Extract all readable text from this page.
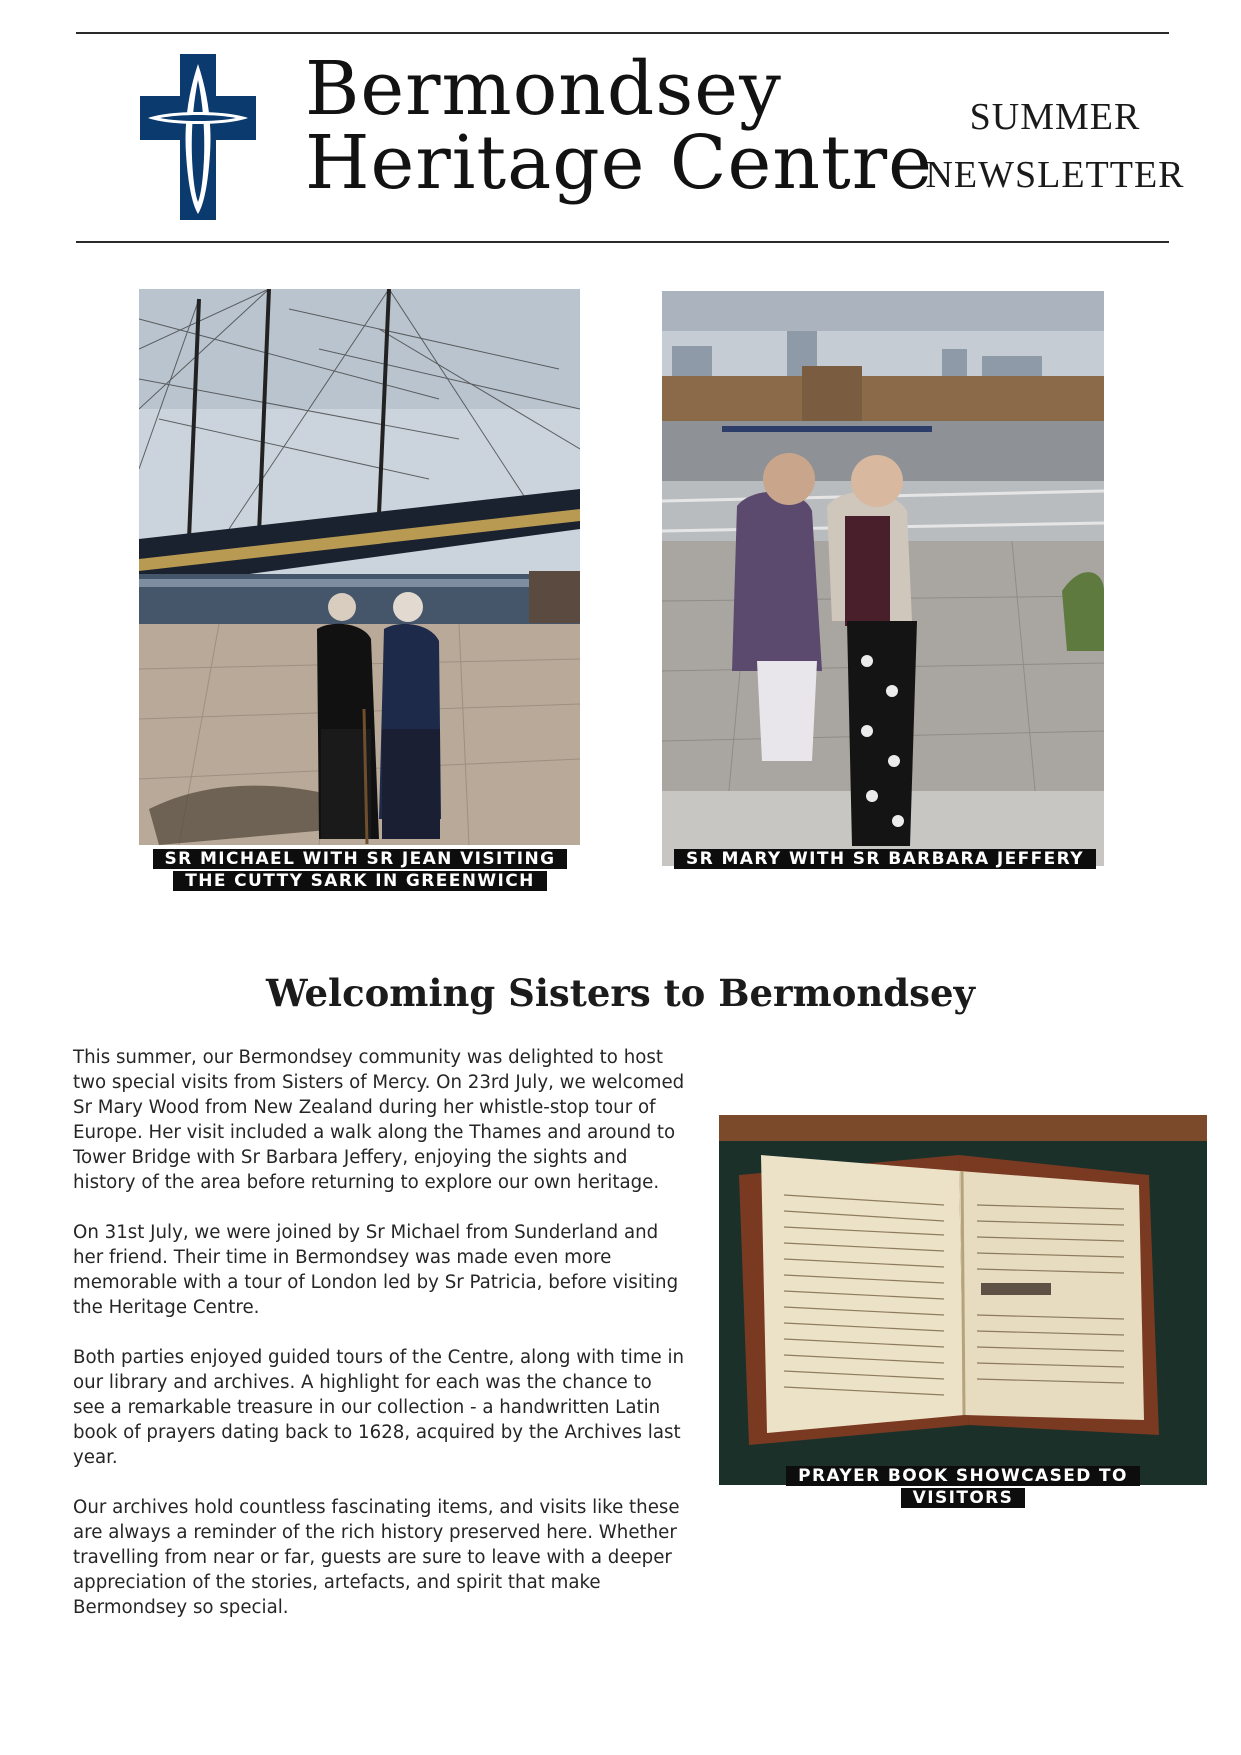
Bermondsey
Heritage Centre
SUMMER
NEWSLETTER
SR MICHAEL WITH SR JEAN VISITING THE CUTTY SARK IN GREENWICH
SR MARY WITH SR BARBARA JEFFERY
PRAYER BOOK SHOWCASED TO VISITORS
Welcoming Sisters to Bermondsey

This summer, our Bermondsey community was delighted to host two special visits from Sisters of Mercy. On 23rd July, we welcomed Sr Mary Wood from New Zealand during her whistle-stop tour of Europe. Her visit included a walk along the Thames and around to Tower Bridge with Sr Barbara Jeffery, enjoying the sights and history of the area before returning to explore our own heritage.

On 31st July, we were joined by Sr Michael from Sunderland and her friend. Their time in Bermondsey was made even more memorable with a tour of London led by Sr Patricia, before visiting the Heritage Centre.

Both parties enjoyed guided tours of the Centre, along with time in our library and archives. A highlight for each was the chance to see a remarkable treasure in our collection - a handwritten Latin book of prayers dating back to 1628, acquired by the Archives last year.

Our archives hold countless fascinating items, and visits like these are always a reminder of the rich history preserved here. Whether travelling from near or far, guests are sure to leave with a deeper appreciation of the stories, artefacts, and spirit that make Bermondsey so special.
